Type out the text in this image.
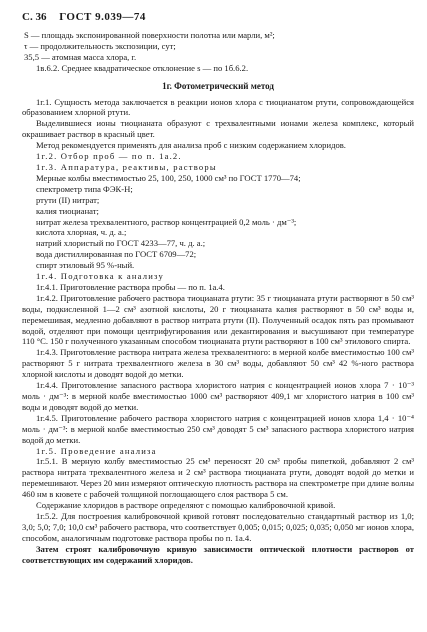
С. 36 ГОСТ 9.039—74

S — площадь экспонированной поверхности полотна или марли, м²;

τ — продолжительность экспозиции, сут;

35,5 — атомная масса хлора, г.

1в.6.2. Среднее квадратическое отклонение s — по 1б.6.2.

1г. Фотометрический метод

1г.1. Сущность метода заключается в реакции ионов хлора с тиоцианатом ртути, сопровождающейся образованием хлорной ртути.

Выделившиеся ионы тиоцианата образуют с трехвалентными ионами железа комплекс, который окрашивает раствор в красный цвет.

Метод рекомендуется применять для анализа проб с низким содержанием хлоридов.

1г.2. Отбор проб — по п. 1а.2.

1г.3. Аппаратура, реактивы, растворы

Мерные колбы вместимостью 25, 100, 250, 1000 см³ по ГОСТ 1770—74;

спектрометр типа ФЭК-Н;

ртути (II) нитрат;

калия тиоцианат;

нитрат железа трехвалентного, раствор концентрацией 0,2 моль · дм⁻³;

кислота хлорная, ч. д. а.;

натрий хлористый по ГОСТ 4233—77, ч. д. а.;

вода дистиллированная по ГОСТ 6709—72;

спирт этиловый 95 %-ный.

1г.4. Подготовка к анализу

1г.4.1. Приготовление раствора пробы — по п. 1а.4.

1г.4.2. Приготовление рабочего раствора тиоцианата ртути: 35 г тиоцианата ртути растворяют в 50 см³ воды, подкисленной 1—2 см³ азотной кислоты, 20 г тиоцианата калия растворяют в 50 см³ воды и, перемешивая, медленно добавляют в раствор нитрата ртути (II). Полученный осадок пять раз промывают водой, отделяют при помощи центрифугирования или декантирования и высушивают при температуре 110 °С. 150 г полученного указанным способом тиоцианата ртути растворяют в 100 см³ этилового спирта.

1г.4.3. Приготовление раствора нитрата железа трехвалентного: в мерной колбе вместимостью 100 см³ растворяют 5 г нитрата трехвалентного железа в 30 см³ воды, добавляют 50 см³ 42 %-ного раствора хлорной кислоты и доводят водой до метки.

1г.4.4. Приготовление запасного раствора хлористого натрия с концентрацией ионов хлора 7 · 10⁻³ моль · дм⁻³: в мерной колбе вместимостью 1000 см³ растворяют 409,1 мг хлористого натрия в 100 см³ воды и доводят водой до метки.

1г.4.5. Приготовление рабочего раствора хлористого натрия с концентрацией ионов хлора 1,4 · 10⁻⁴ моль · дм⁻³: в мерной колбе вместимостью 250 см³ доводят 5 см³ запасного раствора хлористого натрия водой до метки.

1г.5. Проведение анализа

1г.5.1. В мерную колбу вместимостью 25 см³ переносят 20 см³ пробы пипеткой, добавляют 2 см³ раствора нитрата трехвалентного железа и 2 см³ раствора тиоцианата ртути, доводят водой до метки и перемешивают. Через 20 мин измеряют оптическую плотность раствора на спектрометре при длине волны 460 нм в кювете с рабочей толщиной поглощающего слоя раствора 5 см.

Содержание хлоридов в растворе определяют с помощью калибровочной кривой.

1г.5.2. Для построения калибровочной кривой готовят последовательно стандартный раствор из 1,0; 3,0; 5,0; 7,0; 10,0 см³ рабочего раствора, что соответствует 0,005; 0,015; 0,025; 0,035; 0,050 мг ионов хлора, способом, аналогичным подготовке раствора пробы по п. 1а.4.

Затем строят калибровочную кривую зависимости оптической плотности растворов от соответствующих им содержаний хлоридов.
